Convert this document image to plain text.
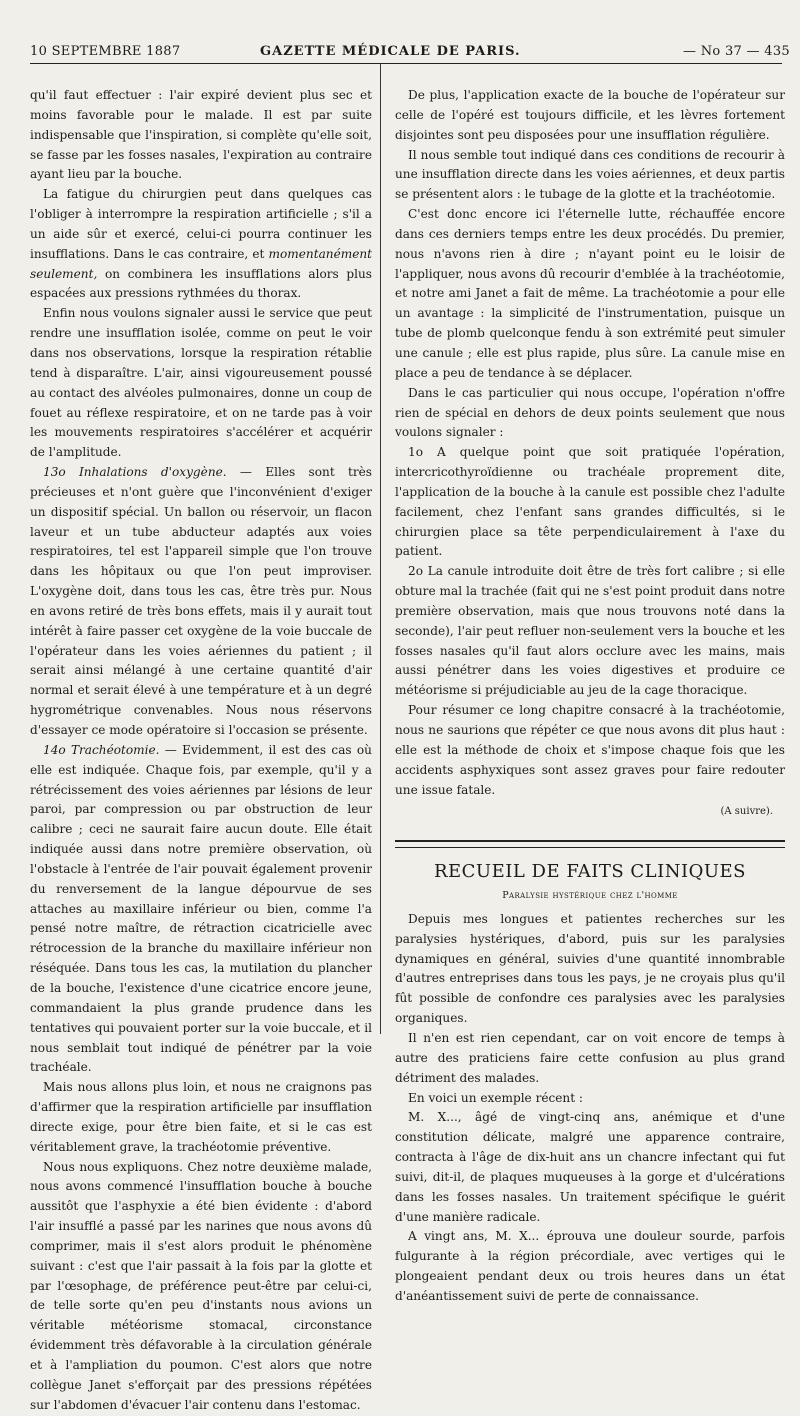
10 SEPTEMBRE 1887	GAZETTE MÉDICALE DE PARIS.	— No 37 — 435

qu'il faut effectuer : l'air expiré devient plus sec et moins favorable pour le malade. Il est par suite indispensable que l'inspiration, si complète qu'elle soit, se fasse par les fosses nasales, l'expiration au contraire ayant lieu par la bouche.

La fatigue du chirurgien peut dans quelques cas l'obliger à interrompre la respiration artificielle ; s'il a un aide sûr et exercé, celui-ci pourra continuer les insufflations. Dans le cas contraire, et momentanément seulement, on combinera les insufflations alors plus espacées aux pressions rythmées du thorax.

Enfin nous voulons signaler aussi le service que peut rendre une insufflation isolée, comme on peut le voir dans nos observations, lorsque la respiration rétablie tend à disparaître. L'air, ainsi vigoureusement poussé au contact des alvéoles pulmonaires, donne un coup de fouet au réflexe respiratoire, et on ne tarde pas à voir les mouvements respiratoires s'accélérer et acquérir de l'amplitude.

13o Inhalations d'oxygène. — Elles sont très précieuses et n'ont guère que l'inconvénient d'exiger un dispositif spécial. Un ballon ou réservoir, un flacon laveur et un tube abducteur adaptés aux voies respiratoires, tel est l'appareil simple que l'on trouve dans les hôpitaux ou que l'on peut improviser. L'oxygène doit, dans tous les cas, être très pur. Nous en avons retiré de très bons effets, mais il y aurait tout intérêt à faire passer cet oxygène de la voie buccale de l'opérateur dans les voies aériennes du patient ; il serait ainsi mélangé à une certaine quantité d'air normal et serait élevé à une température et à un degré hygrométrique convenables. Nous nous réservons d'essayer ce mode opératoire si l'occasion se présente.

14o Trachéotomie. — Evidemment, il est des cas où elle est indiquée. Chaque fois, par exemple, qu'il y a rétrécissement des voies aériennes par lésions de leur paroi, par compression ou par obstruction de leur calibre ; ceci ne saurait faire aucun doute. Elle était indiquée aussi dans notre première observation, où l'obstacle à l'entrée de l'air pouvait également provenir du renversement de la langue dépourvue de ses attaches au maxillaire inférieur ou bien, comme l'a pensé notre maître, de rétraction cicatricielle avec rétrocession de la branche du maxillaire inférieur non réséquée. Dans tous les cas, la mutilation du plancher de la bouche, l'existence d'une cicatrice encore jeune, commandaient la plus grande prudence dans les tentatives qui pouvaient porter sur la voie buccale, et il nous semblait tout indiqué de pénétrer par la voie trachéale.

Mais nous allons plus loin, et nous ne craignons pas d'affirmer que la respiration artificielle par insufflation directe exige, pour être bien faite, et si le cas est véritablement grave, la trachéotomie préventive.

Nous nous expliquons. Chez notre deuxième malade, nous avons commencé l'insufflation bouche à bouche aussitôt que l'asphyxie a été bien évidente : d'abord l'air insufflé a passé par les narines que nous avons dû comprimer, mais il s'est alors produit le phénomène suivant : c'est que l'air passait à la fois par la glotte et par l'œsophage, de préférence peut-être par celui-ci, de telle sorte qu'en peu d'instants nous avions un véritable météorisme stomacal, circonstance évidemment très défavorable à la circulation générale et à l'ampliation du poumon. C'est alors que notre collègue Janet s'efforçait par des pressions répétées sur l'abdomen d'évacuer l'air contenu dans l'estomac.

De plus, l'application exacte de la bouche de l'opérateur sur celle de l'opéré est toujours difficile, et les lèvres fortement disjointes sont peu disposées pour une insufflation régulière.

Il nous semble tout indiqué dans ces conditions de recourir à une insufflation directe dans les voies aériennes, et deux partis se présentent alors : le tubage de la glotte et la trachéotomie.

C'est donc encore ici l'éternelle lutte, réchauffée encore dans ces derniers temps entre les deux procédés. Du premier, nous n'avons rien à dire ; n'ayant point eu le loisir de l'appliquer, nous avons dû recourir d'emblée à la trachéotomie, et notre ami Janet a fait de même. La trachéotomie a pour elle un avantage : la simplicité de l'instrumentation, puisque un tube de plomb quelconque fendu à son extrémité peut simuler une canule ; elle est plus rapide, plus sûre. La canule mise en place a peu de tendance à se déplacer.

Dans le cas particulier qui nous occupe, l'opération n'offre rien de spécial en dehors de deux points seulement que nous voulons signaler :

1o A quelque point que soit pratiquée l'opération, intercricothyroïdienne ou trachéale proprement dite, l'application de la bouche à la canule est possible chez l'adulte facilement, chez l'enfant sans grandes difficultés, si le chirurgien place sa tête perpendiculairement à l'axe du patient.

2o La canule introduite doit être de très fort calibre ; si elle obture mal la trachée (fait qui ne s'est point produit dans notre première observation, mais que nous trouvons noté dans la seconde), l'air peut refluer non-seulement vers la bouche et les fosses nasales qu'il faut alors occlure avec les mains, mais aussi pénétrer dans les voies digestives et produire ce météorisme si préjudiciable au jeu de la cage thoracique.

Pour résumer ce long chapitre consacré à la trachéotomie, nous ne saurions que répéter ce que nous avons dit plus haut : elle est la méthode de choix et s'impose chaque fois que les accidents asphyxiques sont assez graves pour faire redouter une issue fatale.

(A suivre).

RECUEIL DE FAITS CLINIQUES
Paralysie hystérique chez l'homme

Depuis mes longues et patientes recherches sur les paralysies hystériques, d'abord, puis sur les paralysies dynamiques en général, suivies d'une quantité innombrable d'autres entreprises dans tous les pays, je ne croyais plus qu'il fût possible de confondre ces paralysies avec les paralysies organiques.

Il n'en est rien cependant, car on voit encore de temps à autre des praticiens faire cette confusion au plus grand détriment des malades.

En voici un exemple récent :

M. X..., âgé de vingt-cinq ans, anémique et d'une constitution délicate, malgré une apparence contraire, contracta à l'âge de dix-huit ans un chancre infectant qui fut suivi, dit-il, de plaques muqueuses à la gorge et d'ulcérations dans les fosses nasales. Un traitement spécifique le guérit d'une manière radicale.

A vingt ans, M. X... éprouva une douleur sourde, parfois fulgurante à la région précordiale, avec vertiges qui le plongeaient pendant deux ou trois heures dans un état d'anéantissement suivi de perte de connaissance.
